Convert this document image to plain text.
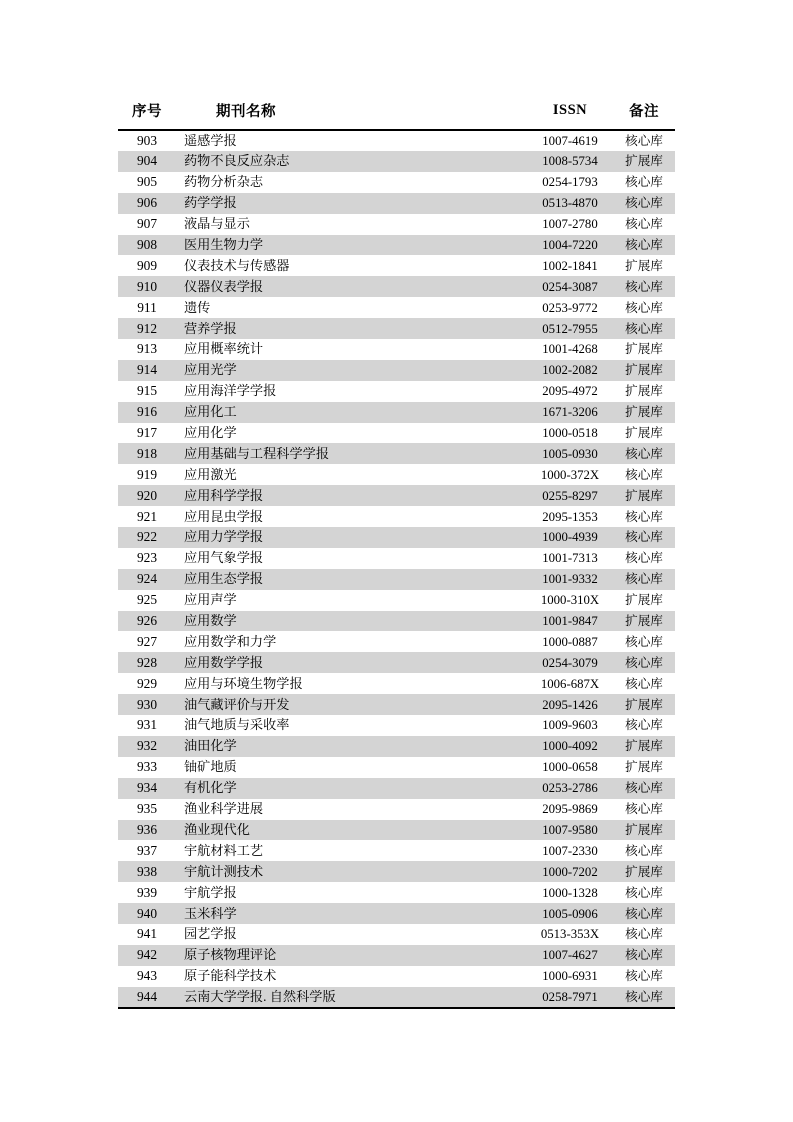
序号	期刊名称	ISSN	备注
903	遥感学报	1007-4619	核心库
904	药物不良反应杂志	1008-5734	扩展库
905	药物分析杂志	0254-1793	核心库
906	药学学报	0513-4870	核心库
907	液晶与显示	1007-2780	核心库
908	医用生物力学	1004-7220	核心库
909	仪表技术与传感器	1002-1841	扩展库
910	仪器仪表学报	0254-3087	核心库
911	遗传	0253-9772	核心库
912	营养学报	0512-7955	核心库
913	应用概率统计	1001-4268	扩展库
914	应用光学	1002-2082	扩展库
915	应用海洋学学报	2095-4972	扩展库
916	应用化工	1671-3206	扩展库
917	应用化学	1000-0518	扩展库
918	应用基础与工程科学学报	1005-0930	核心库
919	应用激光	1000-372X	核心库
920	应用科学学报	0255-8297	扩展库
921	应用昆虫学报	2095-1353	核心库
922	应用力学学报	1000-4939	核心库
923	应用气象学报	1001-7313	核心库
924	应用生态学报	1001-9332	核心库
925	应用声学	1000-310X	扩展库
926	应用数学	1001-9847	扩展库
927	应用数学和力学	1000-0887	核心库
928	应用数学学报	0254-3079	核心库
929	应用与环境生物学报	1006-687X	核心库
930	油气藏评价与开发	2095-1426	扩展库
931	油气地质与采收率	1009-9603	核心库
932	油田化学	1000-4092	扩展库
933	铀矿地质	1000-0658	扩展库
934	有机化学	0253-2786	核心库
935	渔业科学进展	2095-9869	核心库
936	渔业现代化	1007-9580	扩展库
937	宇航材料工艺	1007-2330	核心库
938	宇航计测技术	1000-7202	扩展库
939	宇航学报	1000-1328	核心库
940	玉米科学	1005-0906	核心库
941	园艺学报	0513-353X	核心库
942	原子核物理评论	1007-4627	核心库
943	原子能科学技术	1000-6931	核心库
944	云南大学学报. 自然科学版	0258-7971	核心库
